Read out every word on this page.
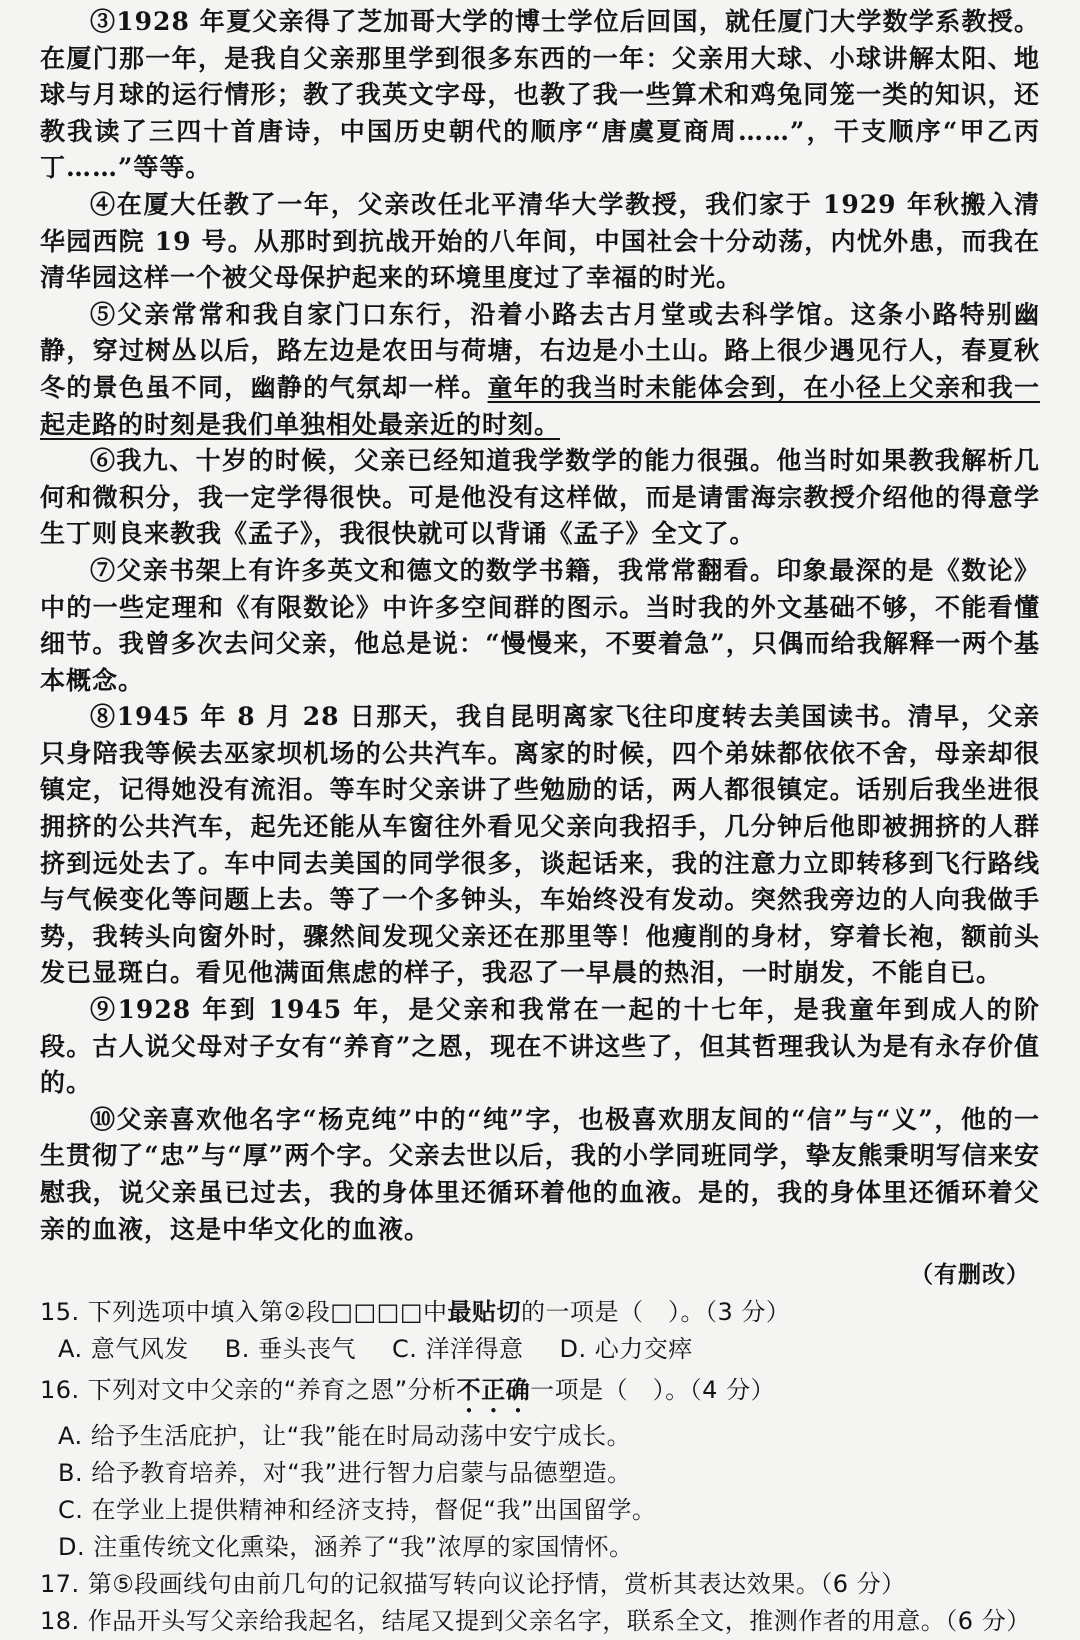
③1928 年夏父亲得了芝加哥大学的博士学位后回国，就任厦门大学数学系教授。在厦门那一年，是我自父亲那里学到很多东西的一年：父亲用大球、小球讲解太阳、地球与月球的运行情形；教了我英文字母，也教了我一些算术和鸡兔同笼一类的知识，还教我读了三四十首唐诗，中国历史朝代的顺序“唐虞夏商周……”，干支顺序“甲乙丙丁……”等等。

④在厦大任教了一年，父亲改任北平清华大学教授，我们家于 1929 年秋搬入清华园西院 19 号。从那时到抗战开始的八年间，中国社会十分动荡，内忧外患，而我在清华园这样一个被父母保护起来的环境里度过了幸福的时光。

⑤父亲常常和我自家门口东行，沿着小路去古月堂或去科学馆。这条小路特别幽静，穿过树丛以后，路左边是农田与荷塘，右边是小土山。路上很少遇见行人，春夏秋冬的景色虽不同，幽静的气氛却一样。童年的我当时未能体会到，在小径上父亲和我一起走路的时刻是我们单独相处最亲近的时刻。

⑥我九、十岁的时候，父亲已经知道我学数学的能力很强。他当时如果教我解析几何和微积分，我一定学得很快。可是他没有这样做，而是请雷海宗教授介绍他的得意学生丁则良来教我《孟子》，我很快就可以背诵《孟子》全文了。

⑦父亲书架上有许多英文和德文的数学书籍，我常常翻看。印象最深的是《数论》中的一些定理和《有限数论》中许多空间群的图示。当时我的外文基础不够，不能看懂细节。我曾多次去问父亲，他总是说：“慢慢来，不要着急”，只偶而给我解释一两个基本概念。

⑧1945 年 8 月 28 日那天，我自昆明离家飞往印度转去美国读书。清早，父亲只身陪我等候去巫家坝机场的公共汽车。离家的时候，四个弟妹都依依不舍，母亲却很镇定，记得她没有流泪。等车时父亲讲了些勉励的话，两人都很镇定。话别后我坐进很拥挤的公共汽车，起先还能从车窗往外看见父亲向我招手，几分钟后他即被拥挤的人群挤到远处去了。车中同去美国的同学很多，谈起话来，我的注意力立即转移到飞行路线与气候变化等问题上去。等了一个多钟头，车始终没有发动。突然我旁边的人向我做手势，我转头向窗外时，骤然间发现父亲还在那里等！他瘦削的身材，穿着长袍，额前头发已显斑白。看见他满面焦虑的样子，我忍了一早晨的热泪，一时崩发，不能自已。

⑨1928 年到 1945 年，是父亲和我常在一起的十七年，是我童年到成人的阶段。古人说父母对子女有“养育”之恩，现在不讲这些了，但其哲理我认为是有永存价值的。

⑩父亲喜欢他名字“杨克纯”中的“纯”字，也极喜欢朋友间的“信”与“义”，他的一生贯彻了“忠”与“厚”两个字。父亲去世以后，我的小学同班同学，挚友熊秉明写信来安慰我，说父亲虽已过去，我的身体里还循环着他的血液。是的，我的身体里还循环着父亲的血液，这是中华文化的血液。

（有删改）

15. 下列选项中填入第②段□□□□中最贴切的一项是（　）。（3 分）

A. 意气风发 B. 垂头丧气 C. 洋洋得意 D. 心力交瘁

16. 下列对文中父亲的“养育之恩”分析不正确一项是（　）。（4 分）

A. 给予生活庇护，让“我”能在时局动荡中安宁成长。

B. 给予教育培养，对“我”进行智力启蒙与品德塑造。

C. 在学业上提供精神和经济支持，督促“我”出国留学。

D. 注重传统文化熏染，涵养了“我”浓厚的家国情怀。

17. 第⑤段画线句由前几句的记叙描写转向议论抒情，赏析其表达效果。（6 分）

18. 作品开头写父亲给我起名，结尾又提到父亲名字，联系全文，推测作者的用意。（6 分）
